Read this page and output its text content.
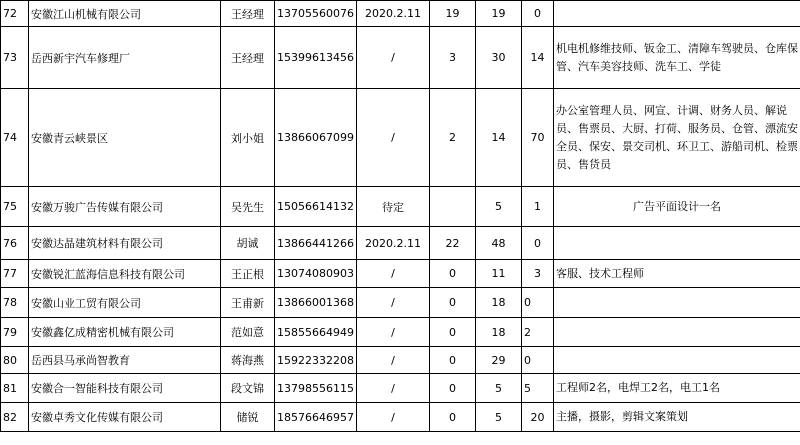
72	安徽江山机械有限公司	王经理	13705560076	2020.2.11	19	19	0	
73	岳西新宇汽车修理厂	王经理	15399613456	/	3	30	14	机电机修维技师、钣金工、清障车驾驶员、仓库保管、汽车美容技师、洗车工、学徒
74	安徽青云峡景区	刘小姐	13866067099	/	2	14	70	办公室管理人员、网宣、计调、财务人员、解说员、售票员、大厨、打荷、服务员、仓管、漂流安全员、保安、景交司机、环卫工、游船司机、检票员、售货员
75	安徽万骏广告传媒有限公司	吴先生	15056614132	待定		5	1	广告平面设计一名
76	安徽达晶建筑材料有限公司	胡诚	13866441266	2020.2.11	22	48	0	
77	安徽锐汇蓝海信息科技有限公司	王正根	13074080903	/	0	11	3	客服、技术工程师
78	安徽山业工贸有限公司	王甫新	13866001368	/	0	18	0	
79	安徽鑫亿成精密机械有限公司	范如意	15855664949	/	0	18	2	
80	岳西县马承尚智教育	蒋海燕	15922332208	/	0	29	0	
81	安徽合一智能科技有限公司	段文锦	13798556115	/	0	5	5	工程师2名，电焊工2名，电工1名
82	安徽卓秀文化传媒有限公司	储锐	18576646957	/	0	5	20	主播，摄影，剪辑文案策划
